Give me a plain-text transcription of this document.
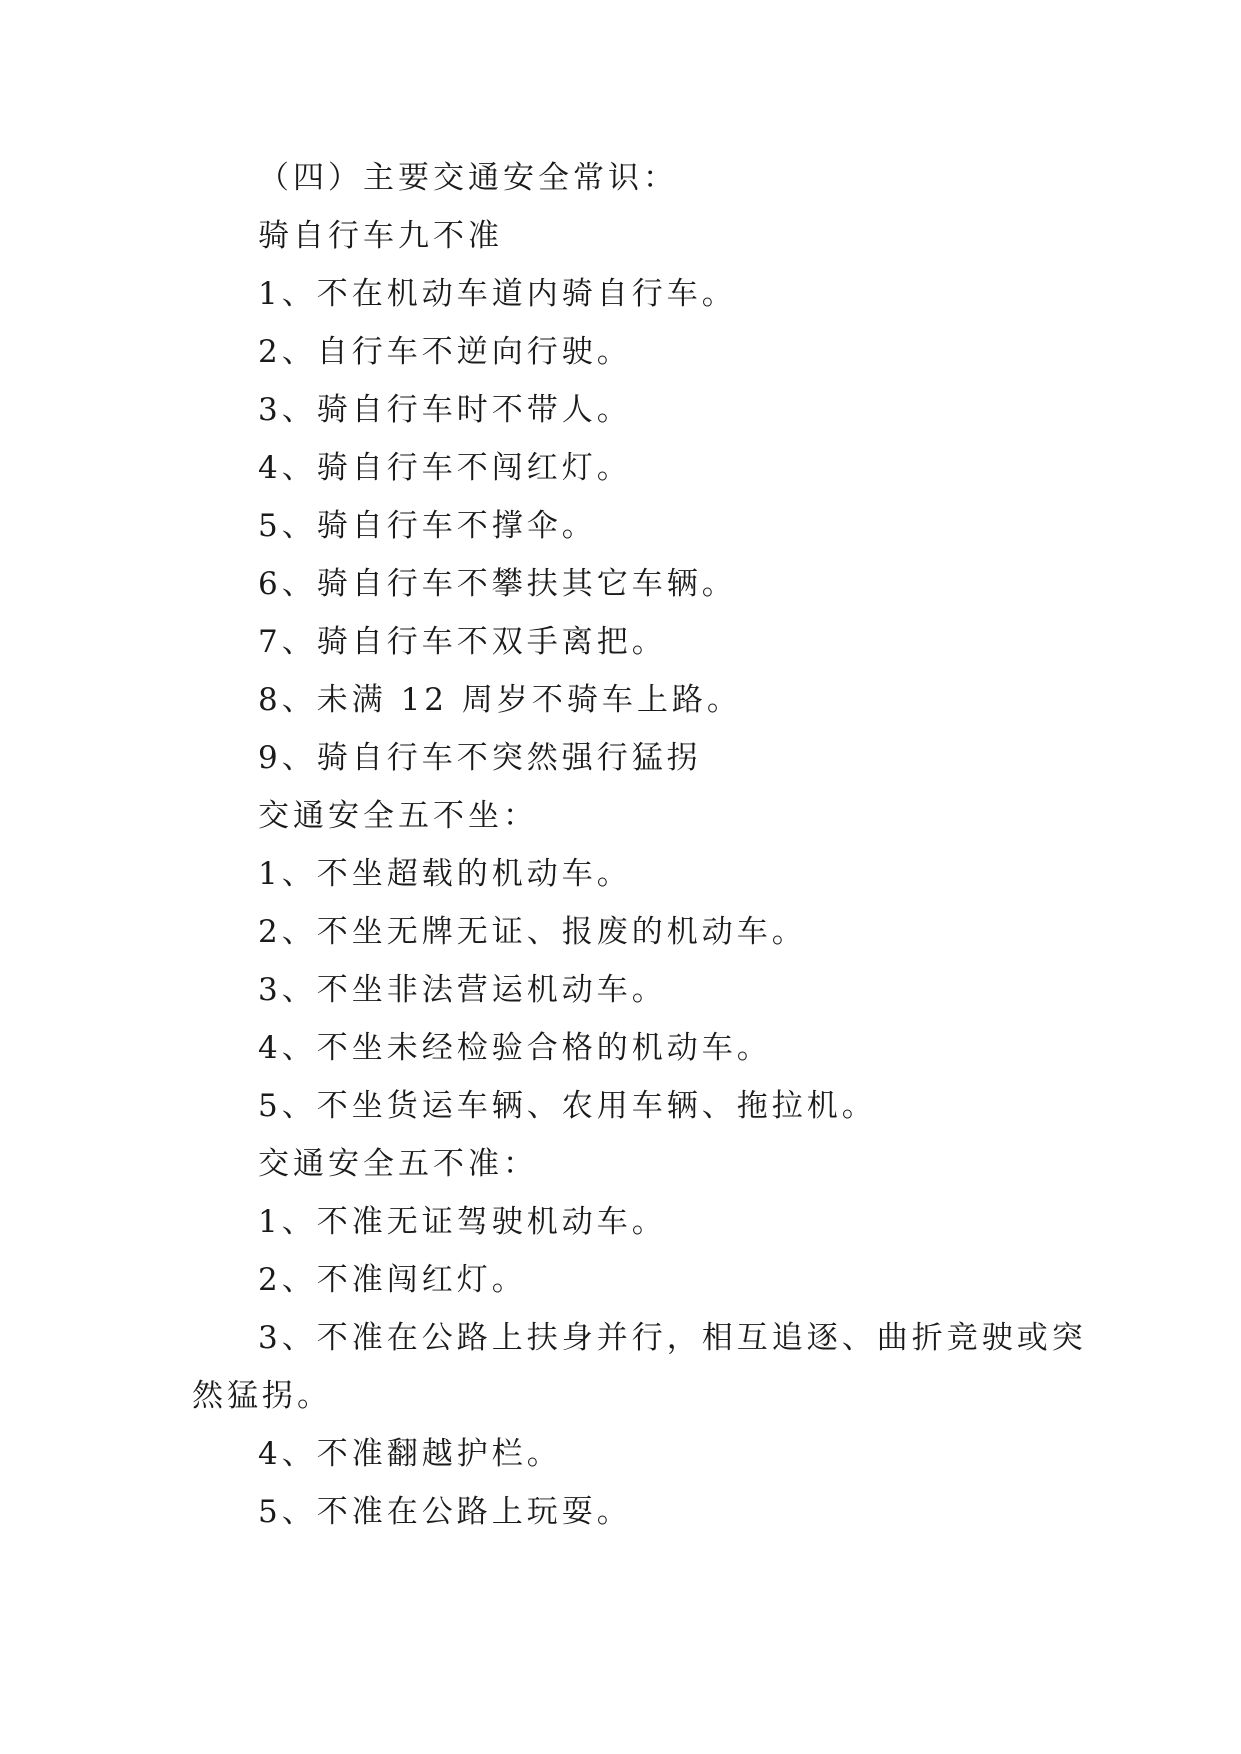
（四）主要交通安全常识：
骑自行车九不准
1、不在机动车道内骑自行车。
2、自行车不逆向行驶。
3、骑自行车时不带人。
4、骑自行车不闯红灯。
5、骑自行车不撑伞。
6、骑自行车不攀扶其它车辆。
7、骑自行车不双手离把。
8、未满 12 周岁不骑车上路。
9、骑自行车不突然强行猛拐
交通安全五不坐：
1、不坐超载的机动车。
2、不坐无牌无证、报废的机动车。
3、不坐非法营运机动车。
4、不坐未经检验合格的机动车。
5、不坐货运车辆、农用车辆、拖拉机。
交通安全五不准：
1、不准无证驾驶机动车。
2、不准闯红灯。
3、不准在公路上扶身并行，相互追逐、曲折竞驶或突
然猛拐。
4、不准翻越护栏。
5、不准在公路上玩耍。
